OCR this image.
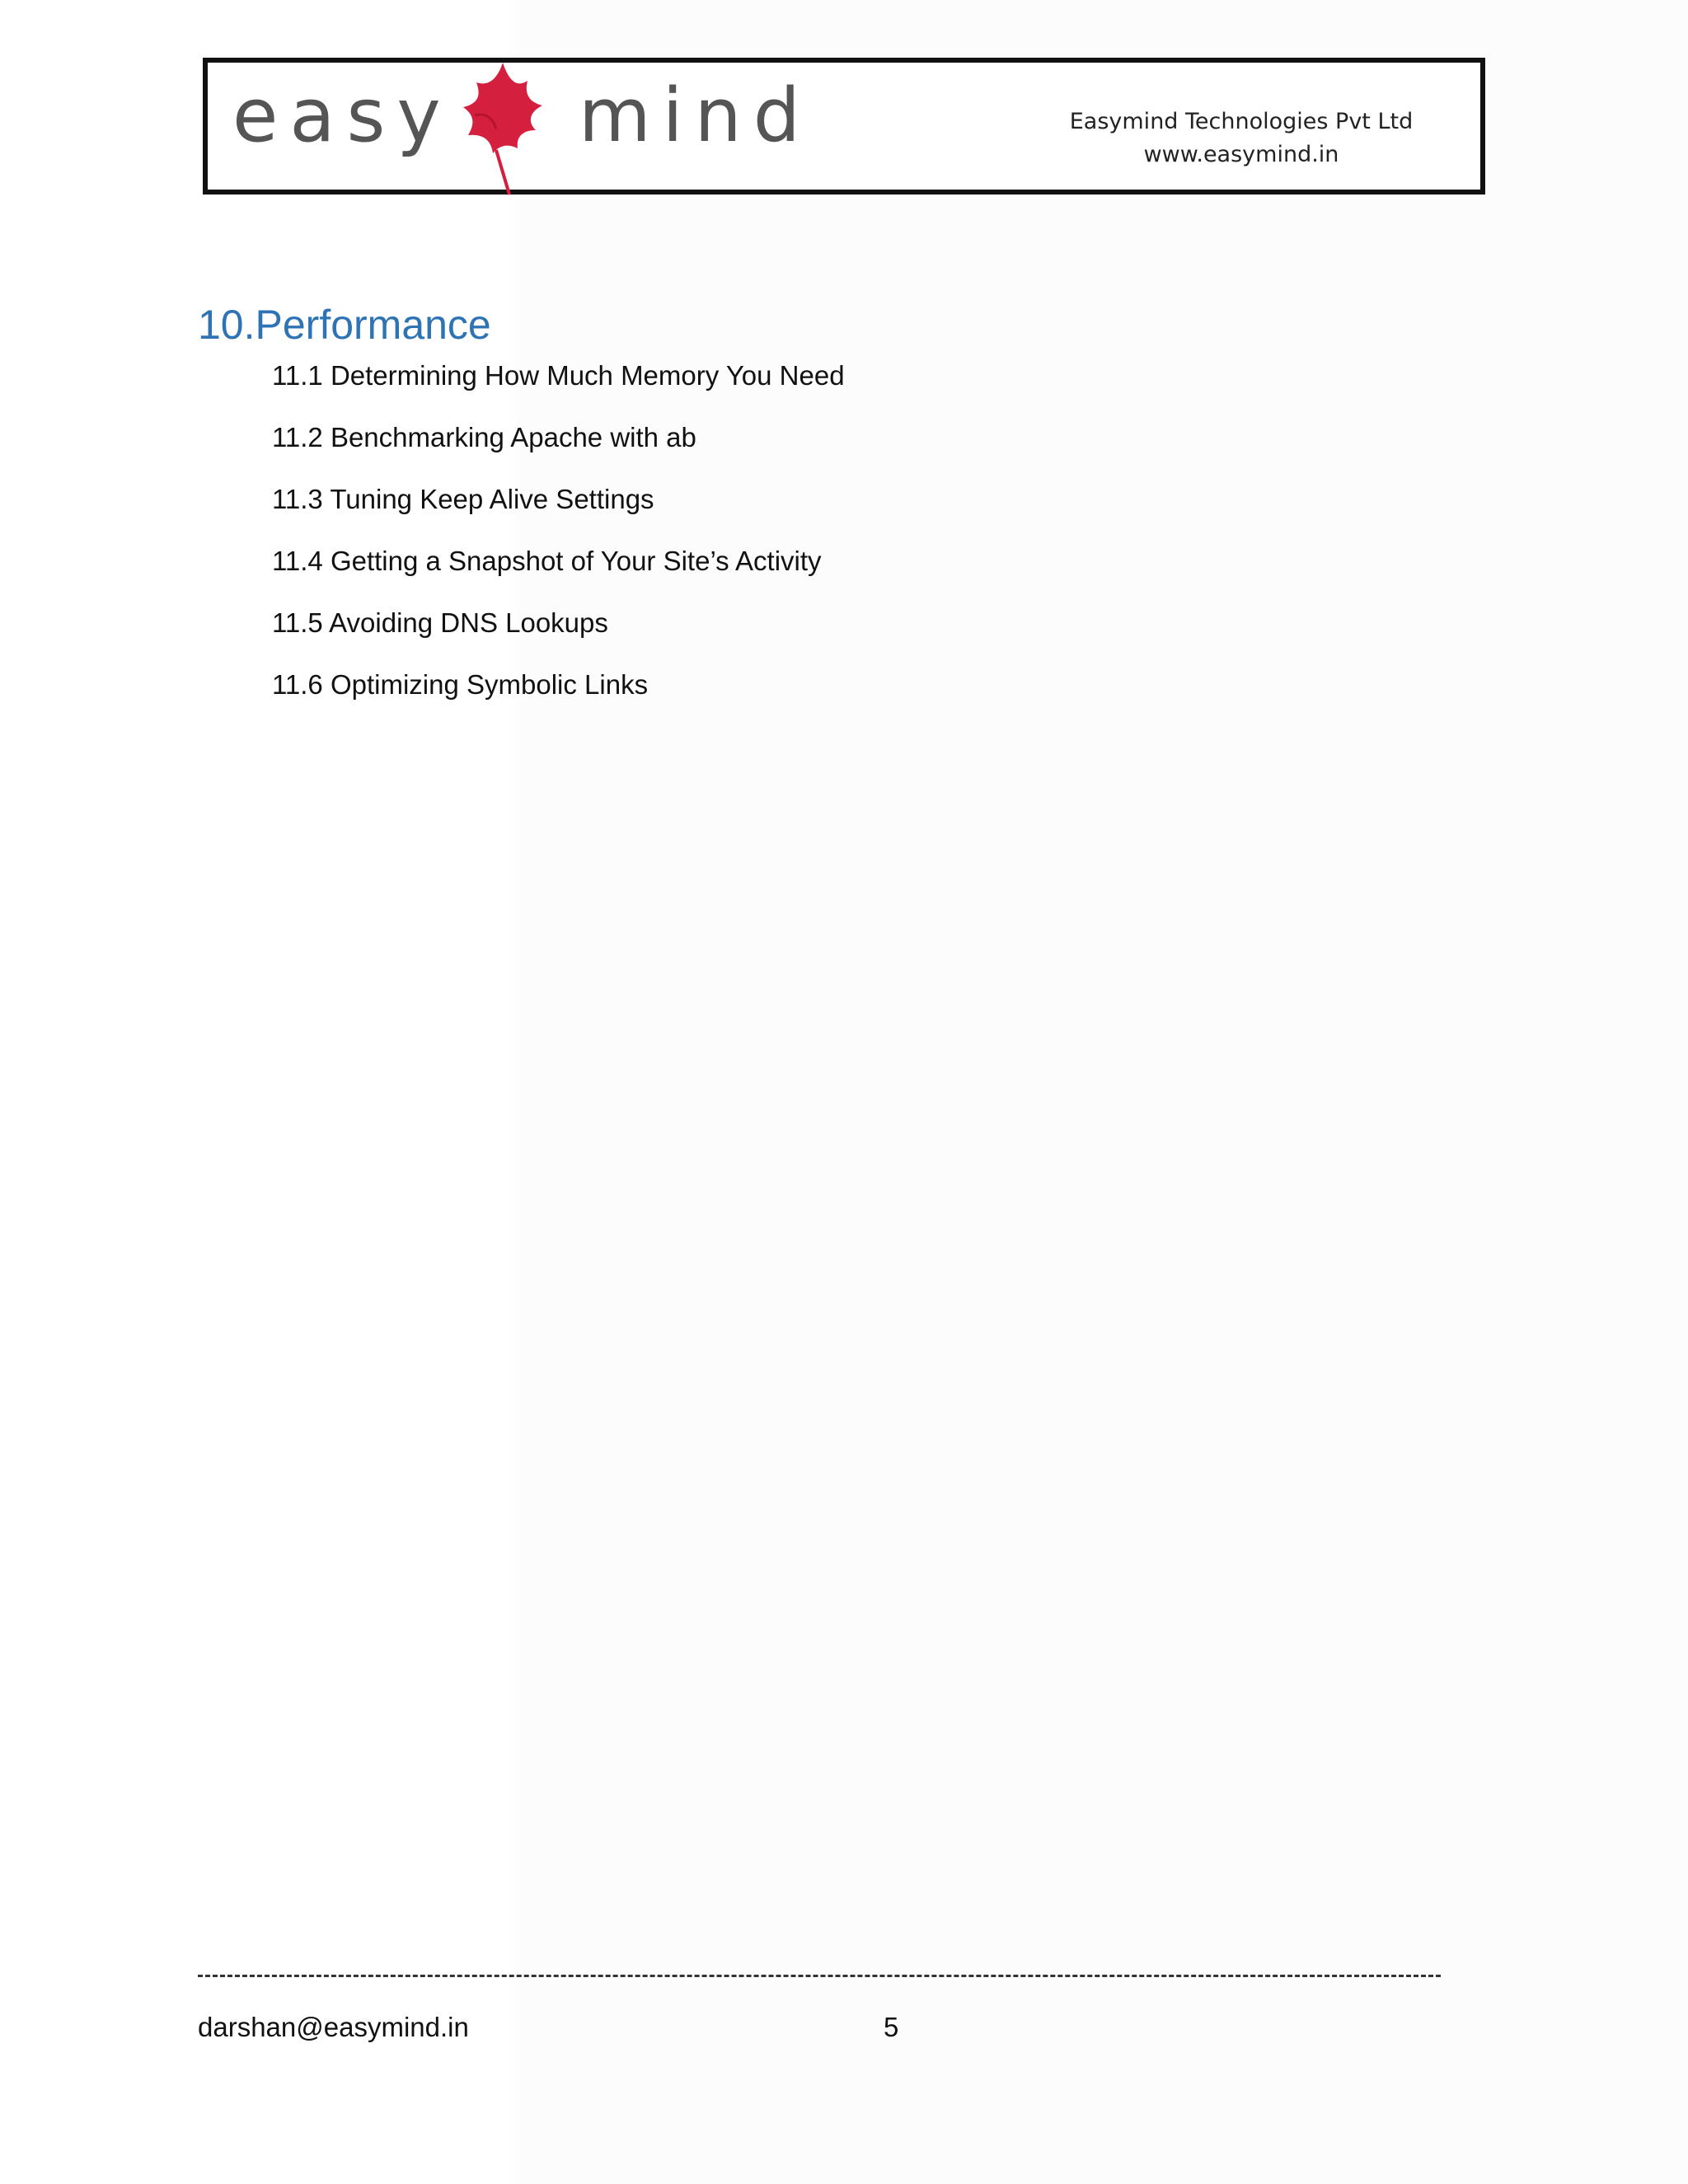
easy mind	Easymind Technologies Pvt Ltd
www.easymind.in
10.Performance
11.1 Determining How Much Memory You Need
11.2 Benchmarking Apache with ab
11.3 Tuning Keep Alive Settings
11.4 Getting a Snapshot of Your Site’s Activity
11.5 Avoiding DNS Lookups
11.6 Optimizing Symbolic Links
darshan@easymind.in	5
